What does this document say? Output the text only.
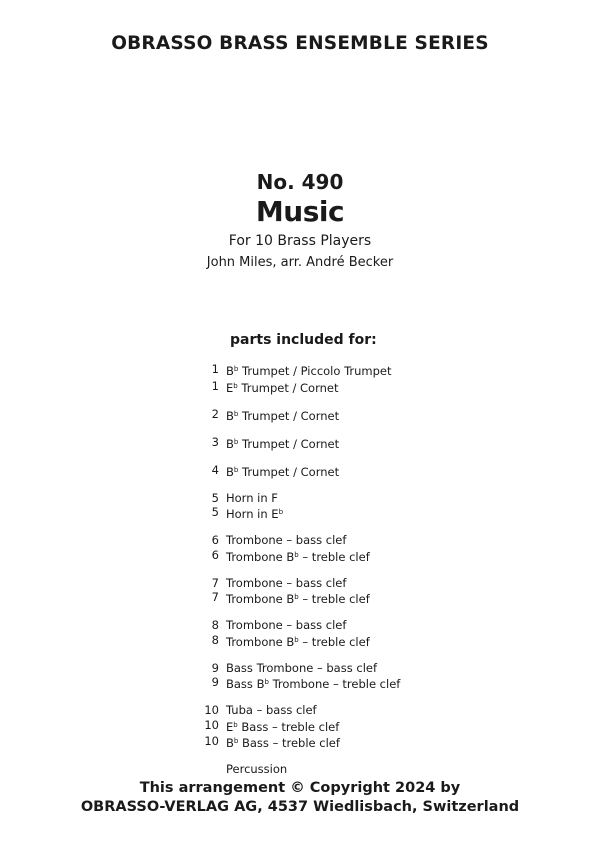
OBRASSO BRASS ENSEMBLE SERIES
No. 490
Music
For 10 Brass Players
John Miles, arr. André Becker
parts included for:
1 $B^b$ Trumpet / Piccolo Trumpet
1 $E^b$ Trumpet / Cornet
2 $B^b$ Trumpet / Cornet
3 $B^b$ Trumpet / Cornet
4 $B^b$ Trumpet / Cornet
5 Horn in F
5 Horn in $E^b$
6 Trombone – bass clef
6 Trombone $B^b$ – treble clef
7 Trombone – bass clef
7 Trombone $B^b$ – treble clef
8 Trombone – bass clef
8 Trombone $B^b$ – treble clef
9 Bass Trombone – bass clef
9 Bass $B^b$ Trombone – treble clef
10 Tuba – bass clef
10 $E^b$ Bass – treble clef
10 $B^b$ Bass – treble clef
Percussion
This arrangement © Copyright 2024 by
OBRASSO-VERLAG AG, 4537 Wiedlisbach, Switzerland
